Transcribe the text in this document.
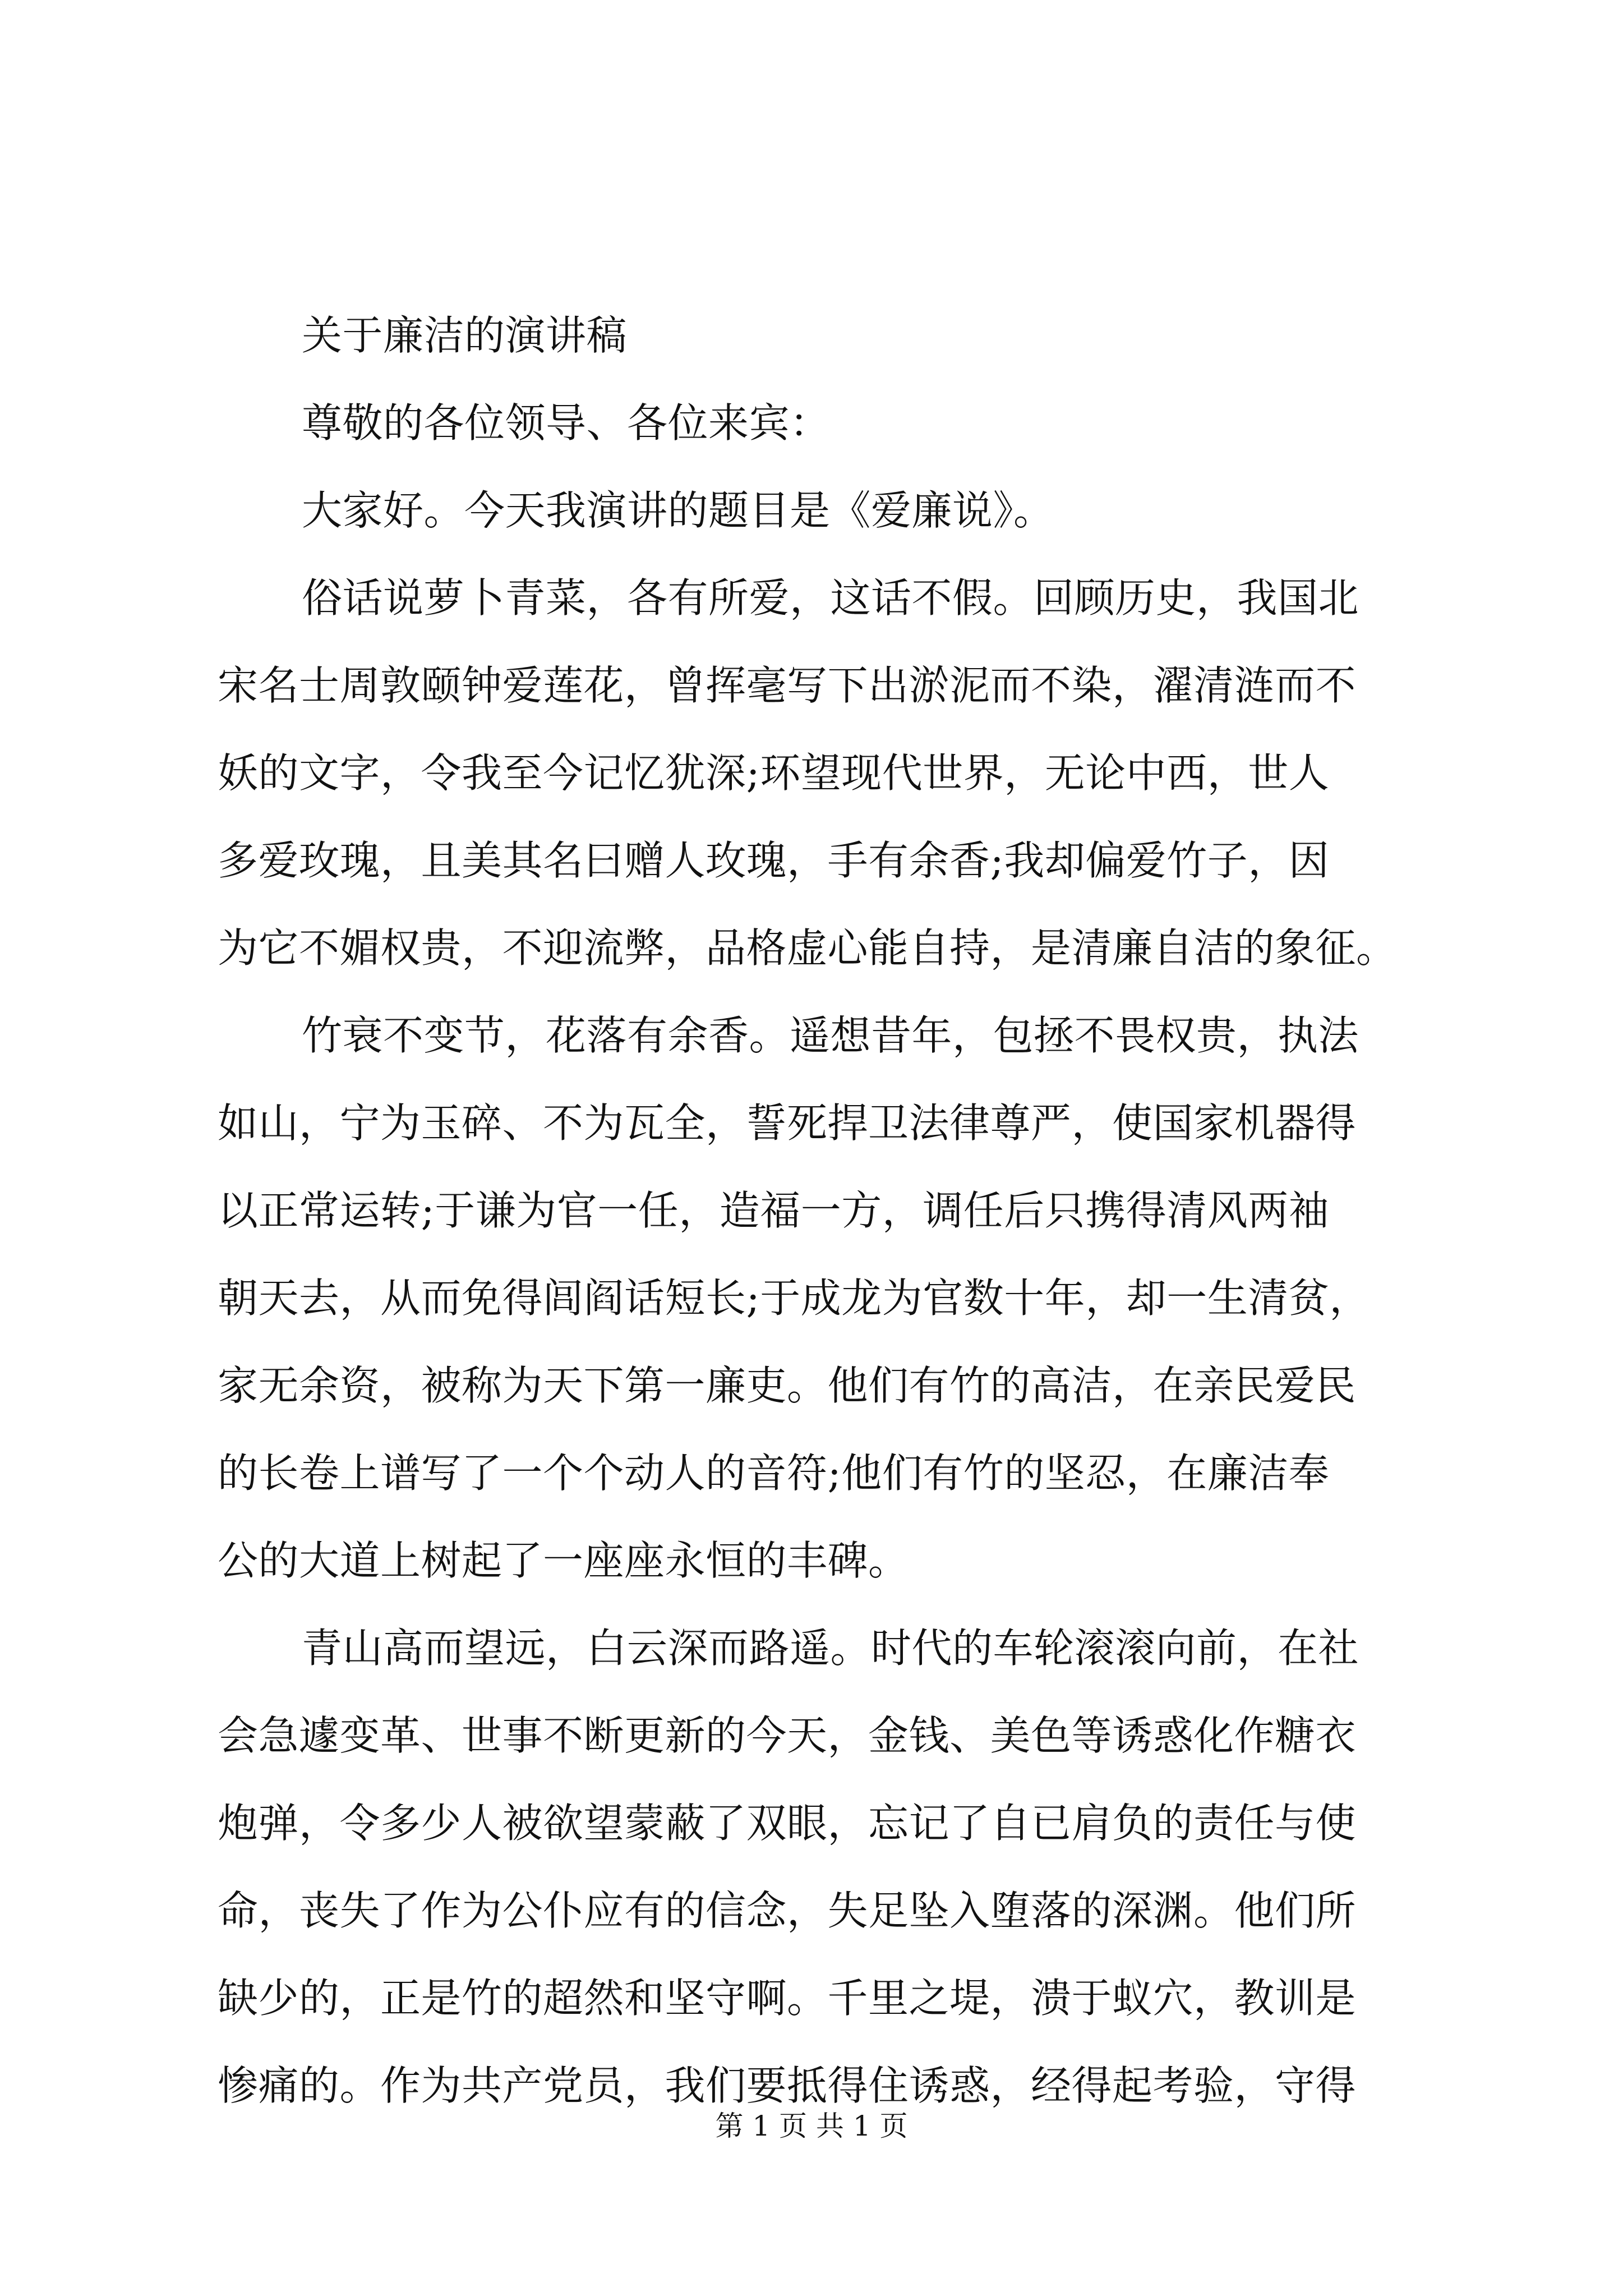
关于廉洁的演讲稿
尊敬的各位领导、各位来宾：
大家好。今天我演讲的题目是《爱廉说》。
俗话说萝卜青菜，各有所爱，这话不假。回顾历史，我国北
宋名士周敦颐钟爱莲花，曾挥毫写下出淤泥而不染，濯清涟而不
妖的文字，令我至今记忆犹深;环望现代世界，无论中西，世人
多爱玫瑰，且美其名曰赠人玫瑰，手有余香;我却偏爱竹子，因
为它不媚权贵，不迎流弊，品格虚心能自持，是清廉自洁的象征。
竹衰不变节，花落有余香。遥想昔年，包拯不畏权贵，执法
如山，宁为玉碎、不为瓦全，誓死捍卫法律尊严，使国家机器得
以正常运转;于谦为官一任，造福一方，调任后只携得清风两袖
朝天去，从而免得闾阎话短长;于成龙为官数十年，却一生清贫，
家无余资，被称为天下第一廉吏。他们有竹的高洁，在亲民爱民
的长卷上谱写了一个个动人的音符;他们有竹的坚忍，在廉洁奉
公的大道上树起了一座座永恒的丰碑。
青山高而望远，白云深而路遥。时代的车轮滚滚向前，在社
会急遽变革、世事不断更新的今天，金钱、美色等诱惑化作糖衣
炮弹，令多少人被欲望蒙蔽了双眼，忘记了自已肩负的责任与使
命，丧失了作为公仆应有的信念，失足坠入堕落的深渊。他们所
缺少的，正是竹的超然和坚守啊。千里之堤，溃于蚁穴，教训是
惨痛的。作为共产党员，我们要抵得住诱惑，经得起考验，守得
第 1 页 共 1 页
